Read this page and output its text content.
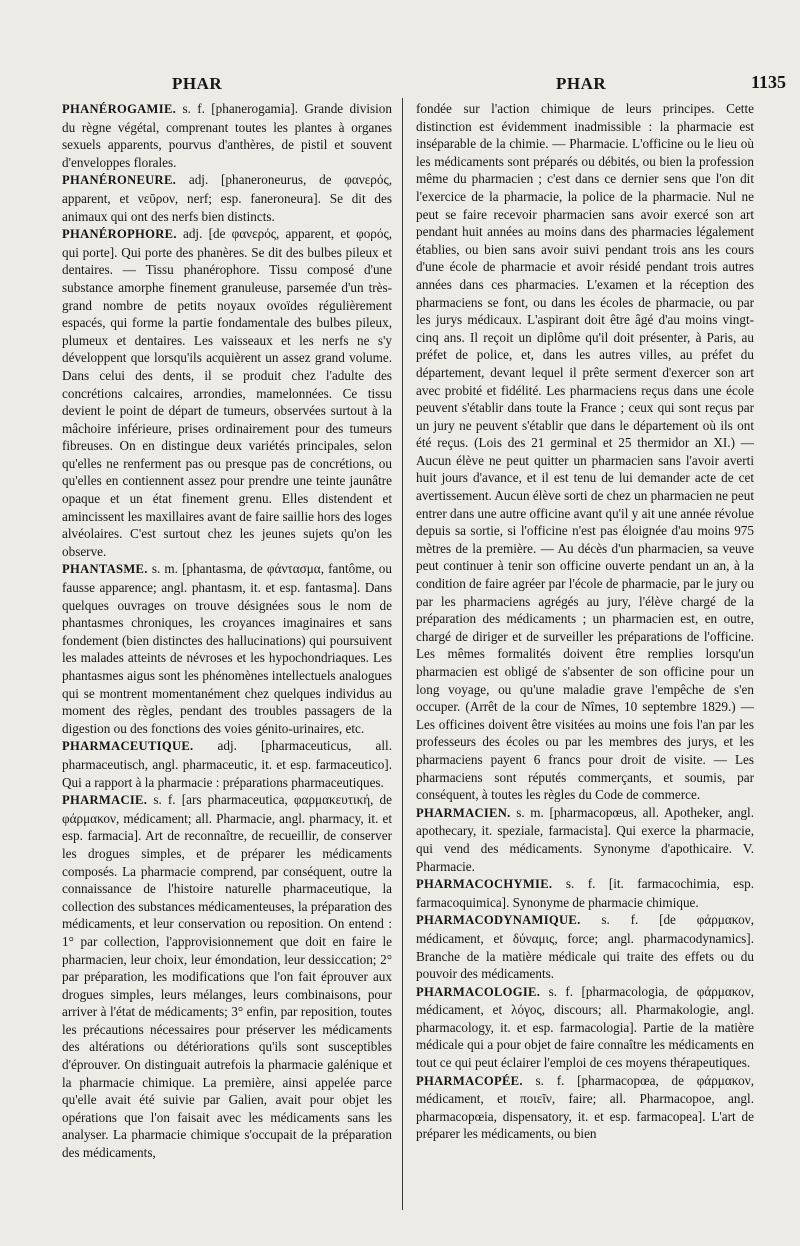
PHAR	PHAR	1135

PHANÉROGAMIE. s. f. [phanerogamia]. Grande division du règne végétal, comprenant toutes les plantes à organes sexuels apparents, pourvus d'anthères, de pistil et souvent d'enveloppes florales.

PHANÉRONEURE. adj. [phaneroneurus, de φανερός, apparent, et νεῦρον, nerf; esp. faneroneura]. Se dit des animaux qui ont des nerfs bien distincts.

PHANÉROPHORE. adj. [de φανερός, apparent, et φορός, qui porte]. Qui porte des phanères. Se dit des bulbes pileux et dentaires. — Tissu phanérophore. Tissu composé d'une substance amorphe finement granuleuse, parsemée d'un très-grand nombre de petits noyaux ovoïdes régulièrement espacés, qui forme la partie fondamentale des bulbes pileux, plumeux et dentaires. Les vaisseaux et les nerfs ne s'y développent que lorsqu'ils acquièrent un assez grand volume. Dans celui des dents, il se produit chez l'adulte des concrétions calcaires, arrondies, mamelonnées. Ce tissu devient le point de départ de tumeurs, observées surtout à la mâchoire inférieure, prises ordinairement pour des tumeurs fibreuses. On en distingue deux variétés principales, selon qu'elles ne renferment pas ou presque pas de concrétions, ou qu'elles en contiennent assez pour prendre une teinte jaunâtre opaque et un état finement grenu. Elles distendent et amincissent les maxillaires avant de faire saillie hors des loges alvéolaires. C'est surtout chez les jeunes sujets qu'on les observe.

PHANTASME. s. m. [phantasma, de φάντασμα, fantôme, ou fausse apparence; angl. phantasm, it. et esp. fantasma]. Dans quelques ouvrages on trouve désignées sous le nom de phantasmes chroniques, les croyances imaginaires et sans fondement (bien distinctes des hallucinations) qui poursuivent les malades atteints de névroses et les hypochondriaques. Les phantasmes aigus sont les phénomènes intellectuels analogues qui se montrent momentanément chez quelques individus au moment des règles, pendant des troubles passagers de la digestion ou des fonctions des voies génito-urinaires, etc.

PHARMACEUTIQUE. adj. [pharmaceuticus, all. pharmaceutisch, angl. pharmaceutic, it. et esp. farmaceutico]. Qui a rapport à la pharmacie : préparations pharmaceutiques.

PHARMACIE. s. f. [ars pharmaceutica, φαρμακευτική, de φάρμακον, médicament; all. Pharmacie, angl. pharmacy, it. et esp. farmacia]. Art de reconnaître, de recueillir, de conserver les drogues simples, et de préparer les médicaments composés. La pharmacie comprend, par conséquent, outre la connaissance de l'histoire naturelle pharmaceutique, la collection des substances médicamenteuses, la préparation des médicaments, et leur conservation ou reposition. On entend : 1° par collection, l'approvisionnement que doit en faire le pharmacien, leur choix, leur émondation, leur dessiccation; 2° par préparation, les modifications que l'on fait éprouver aux drogues simples, leurs mélanges, leurs combinaisons, pour arriver à l'état de médicaments; 3° enfin, par reposition, toutes les précautions nécessaires pour préserver les médicaments des altérations ou détériorations qu'ils sont susceptibles d'éprouver. On distinguait autrefois la pharmacie galénique et la pharmacie chimique. La première, ainsi appelée parce qu'elle avait été suivie par Galien, avait pour objet les opérations que l'on faisait avec les médicaments sans les analyser. La pharmacie chimique s'occupait de la préparation des médicaments,

fondée sur l'action chimique de leurs principes. Cette distinction est évidemment inadmissible : la pharmacie est inséparable de la chimie. — Pharmacie. L'officine ou le lieu où les médicaments sont préparés ou débités, ou bien la profession même du pharmacien ; c'est dans ce dernier sens que l'on dit l'exercice de la pharmacie, la police de la pharmacie. Nul ne peut se faire recevoir pharmacien sans avoir exercé son art pendant huit années au moins dans des pharmacies légalement établies, ou bien sans avoir suivi pendant trois ans les cours d'une école de pharmacie et avoir résidé pendant trois autres années dans ces pharmacies. L'examen et la réception des pharmaciens se font, ou dans les écoles de pharmacie, ou par les jurys médicaux. L'aspirant doit être âgé d'au moins vingt-cinq ans. Il reçoit un diplôme qu'il doit présenter, à Paris, au préfet de police, et, dans les autres villes, au préfet du département, devant lequel il prête serment d'exercer son art avec probité et fidélité. Les pharmaciens reçus dans une école peuvent s'établir dans toute la France ; ceux qui sont reçus par un jury ne peuvent s'établir que dans le département où ils ont été reçus. (Lois des 21 germinal et 25 thermidor an XI.) — Aucun élève ne peut quitter un pharmacien sans l'avoir averti huit jours d'avance, et il est tenu de lui demander acte de cet avertissement. Aucun élève sorti de chez un pharmacien ne peut entrer dans une autre officine avant qu'il y ait une année révolue depuis sa sortie, si l'officine n'est pas éloignée d'au moins 975 mètres de la première. — Au décès d'un pharmacien, sa veuve peut continuer à tenir son officine ouverte pendant un an, à la condition de faire agréer par l'école de pharmacie, par le jury ou par les pharmaciens agrégés au jury, l'élève chargé de la préparation des médicaments ; un pharmacien est, en outre, chargé de diriger et de surveiller les préparations de l'officine. Les mêmes formalités doivent être remplies lorsqu'un pharmacien est obligé de s'absenter de son officine pour un long voyage, ou qu'une maladie grave l'empêche de s'en occuper. (Arrêt de la cour de Nîmes, 10 septembre 1829.) — Les officines doivent être visitées au moins une fois l'an par les professeurs des écoles ou par les membres des jurys, et les pharmaciens payent 6 francs pour droit de visite. — Les pharmaciens sont réputés commerçants, et soumis, par conséquent, à toutes les règles du Code de commerce.

PHARMACIEN. s. m. [pharmacopœus, all. Apotheker, angl. apothecary, it. speziale, farmacista]. Qui exerce la pharmacie, qui vend des médicaments. Synonyme d'apothicaire. V. Pharmacie.

PHARMACOCHYMIE. s. f. [it. farmacochimia, esp. farmacoquimica]. Synonyme de pharmacie chimique.

PHARMACODYNAMIQUE. s. f. [de φάρμακον, médicament, et δύναμις, force; angl. pharmacodynamics]. Branche de la matière médicale qui traite des effets ou du pouvoir des médicaments.

PHARMACOLOGIE. s. f. [pharmacologia, de φάρμακον, médicament, et λόγος, discours; all. Pharmakologie, angl. pharmacology, it. et esp. farmacologia]. Partie de la matière médicale qui a pour objet de faire connaître les médicaments en tout ce qui peut éclairer l'emploi de ces moyens thérapeutiques.

PHARMACOPÉE. s. f. [pharmacopœa, de φάρμακον, médicament, et ποιεῖν, faire; all. Pharmacopoe, angl. pharmacopœia, dispensatory, it. et esp. farmacopea]. L'art de préparer les médicaments, ou bien
